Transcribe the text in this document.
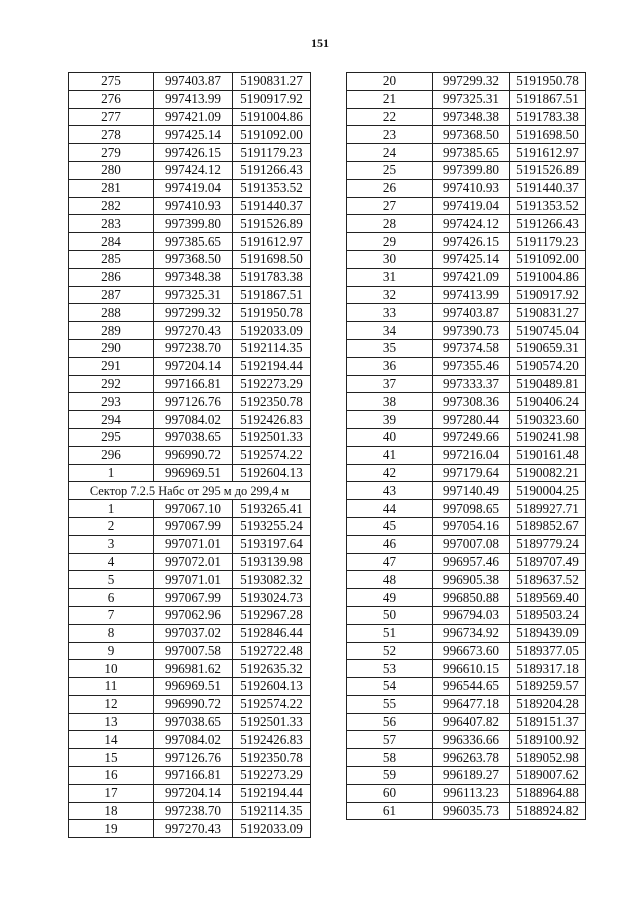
151
275	997403.87	5190831.27
276	997413.99	5190917.92
277	997421.09	5191004.86
278	997425.14	5191092.00
279	997426.15	5191179.23
280	997424.12	5191266.43
281	997419.04	5191353.52
282	997410.93	5191440.37
283	997399.80	5191526.89
284	997385.65	5191612.97
285	997368.50	5191698.50
286	997348.38	5191783.38
287	997325.31	5191867.51
288	997299.32	5191950.78
289	997270.43	5192033.09
290	997238.70	5192114.35
291	997204.14	5192194.44
292	997166.81	5192273.29
293	997126.76	5192350.78
294	997084.02	5192426.83
295	997038.65	5192501.33
296	996990.72	5192574.22
1	996969.51	5192604.13
Сектор 7.2.5 Набс от 295 м до 299,4 м		
1	997067.10	5193265.41
2	997067.99	5193255.24
3	997071.01	5193197.64
4	997072.01	5193139.98
5	997071.01	5193082.32
6	997067.99	5193024.73
7	997062.96	5192967.28
8	997037.02	5192846.44
9	997007.58	5192722.48
10	996981.62	5192635.32
11	996969.51	5192604.13
12	996990.72	5192574.22
13	997038.65	5192501.33
14	997084.02	5192426.83
15	997126.76	5192350.78
16	997166.81	5192273.29
17	997204.14	5192194.44
18	997238.70	5192114.35
19	997270.43	5192033.09
20	997299.32	5191950.78
21	997325.31	5191867.51
22	997348.38	5191783.38
23	997368.50	5191698.50
24	997385.65	5191612.97
25	997399.80	5191526.89
26	997410.93	5191440.37
27	997419.04	5191353.52
28	997424.12	5191266.43
29	997426.15	5191179.23
30	997425.14	5191092.00
31	997421.09	5191004.86
32	997413.99	5190917.92
33	997403.87	5190831.27
34	997390.73	5190745.04
35	997374.58	5190659.31
36	997355.46	5190574.20
37	997333.37	5190489.81
38	997308.36	5190406.24
39	997280.44	5190323.60
40	997249.66	5190241.98
41	997216.04	5190161.48
42	997179.64	5190082.21
43	997140.49	5190004.25
44	997098.65	5189927.71
45	997054.16	5189852.67
46	997007.08	5189779.24
47	996957.46	5189707.49
48	996905.38	5189637.52
49	996850.88	5189569.40
50	996794.03	5189503.24
51	996734.92	5189439.09
52	996673.60	5189377.05
53	996610.15	5189317.18
54	996544.65	5189259.57
55	996477.18	5189204.28
56	996407.82	5189151.37
57	996336.66	5189100.92
58	996263.78	5189052.98
59	996189.27	5189007.62
60	996113.23	5188964.88
61	996035.73	5188924.82
